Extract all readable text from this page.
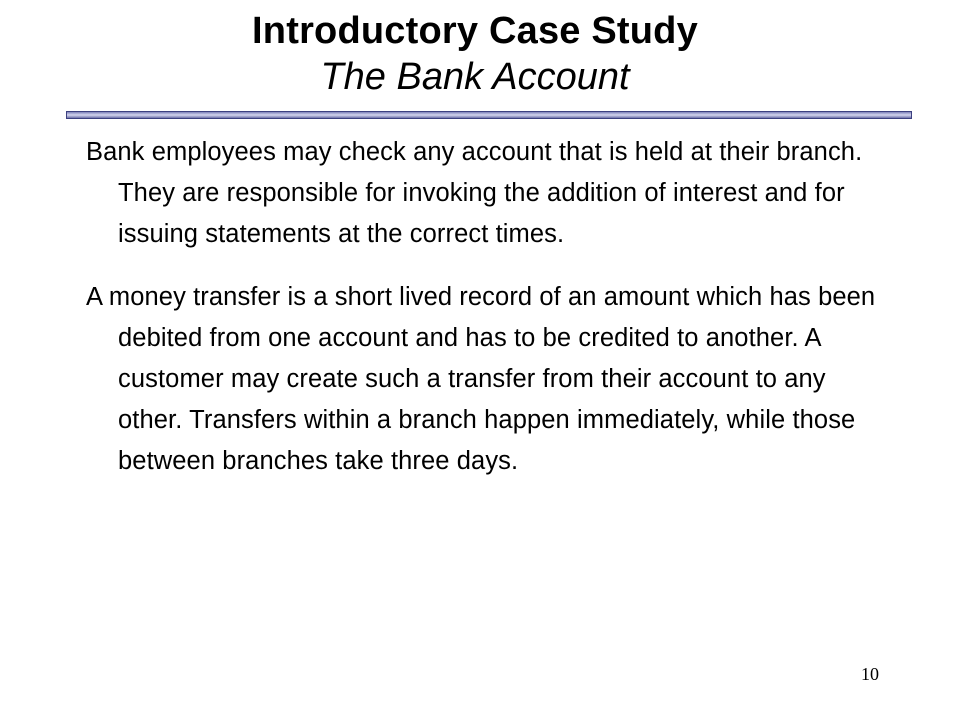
Introductory Case Study
The Bank Account

Bank employees may check any account that is held at their branch. They are responsible for invoking the addition of interest and for issuing statements at the correct times.

A money transfer is a short lived record of an amount which has been debited from one account and has to be credited to another. A customer may create such a transfer from their account to any other. Transfers within a branch happen immediately, while those between branches take three days.

10
